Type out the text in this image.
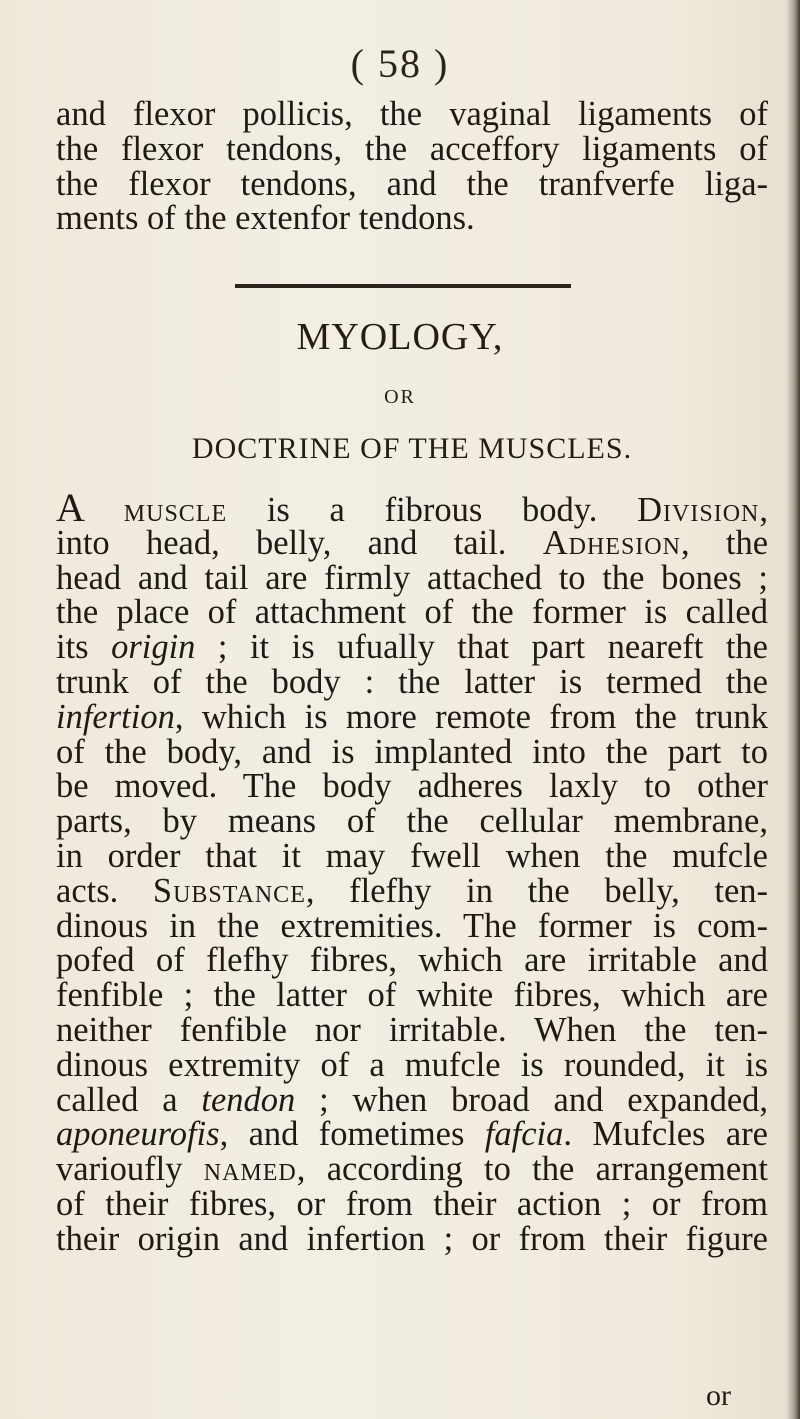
( 58 )
and flexor pollicis, the vaginal ligaments of
the flexor tendons, the acceffory ligaments of
the flexor tendons, and the tranfverfe liga-
ments of the extenfor tendons.
MYOLOGY,
OR
DOCTRINE OF THE MUSCLES.
A muscle is a fibrous body. Division,
into head, belly, and tail. Adhesion, the
head and tail are firmly attached to the bones ;
the place of attachment of the former is called
its origin ; it is ufually that part neareft the
trunk of the body : the latter is termed the
infertion, which is more remote from the trunk
of the body, and is implanted into the part to
be moved. The body adheres laxly to other
parts, by means of the cellular membrane,
in order that it may fwell when the mufcle
acts. Substance, flefhy in the belly, ten-
dinous in the extremities. The former is com-
pofed of flefhy fibres, which are irritable and
fenfible ; the latter of white fibres, which are
neither fenfible nor irritable. When the ten-
dinous extremity of a mufcle is rounded, it is
called a tendon ; when broad and expanded,
aponeurofis, and fometimes fafcia. Mufcles are
varioufly named, according to the arrangement
of their fibres, or from their action ; or from
their origin and infertion ; or from their figure
or
